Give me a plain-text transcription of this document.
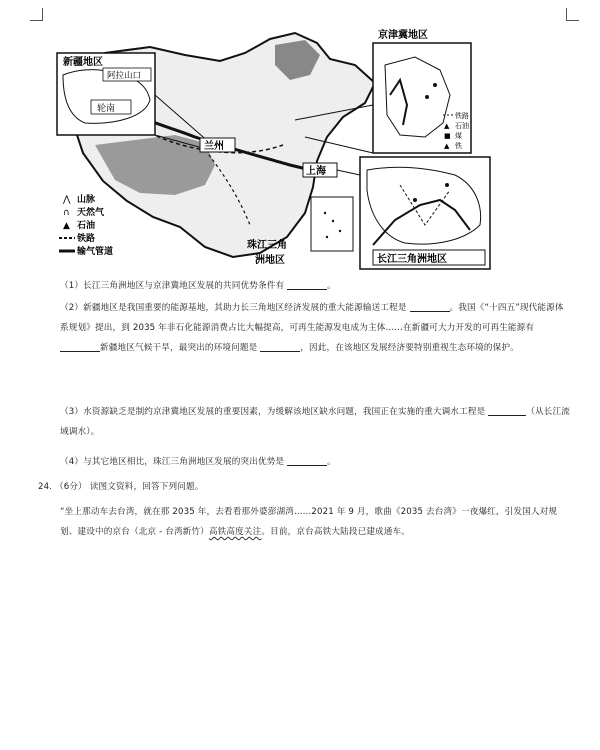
新疆地区
阿拉山口
轮南
兰州
京津冀地区
铁路
▲ 石油
■ 煤
▲ 铁
上海
长江三角洲地区
珠江三角
洲地区
⋀ 山脉
∩ 天然气
▲ 石油
铁路
输气管道
（1）长江三角洲地区与京津冀地区发展的共同优势条件有	。
（2）新疆地区是我国重要的能源基地，其助力长三角地区经济发展的重大能源输送工程是	。我国《“十四五”现代能源体系规划》提出，到 2035 年非石化能源消费占比大幅提高，可再生能源发电成为主体……在新疆可大力开发的可再生能源有 新疆地区气候干旱，最突出的环境问题是	，因此，在该地区发展经济要特别重视生态环境的保护。
（3）水资源缺乏是制约京津冀地区发展的重要因素，为缓解该地区缺水问题，我国正在实施的重大调水工程是	（从长江流域调水）。
（4）与其它地区相比，珠江三角洲地区发展的突出优势是	。
24. （6分） 读图文资料，回答下列问题。
“坐上那动车去台湾，就在那 2035 年，去看看那外婆澎湖湾……2021 年 9 月，歌曲《2035 去台湾》一夜爆红，引发国人对规划、建设中的京台（北京 - 台湾新竹）高铁高度关注。目前，京台高铁大陆段已建成通车。
